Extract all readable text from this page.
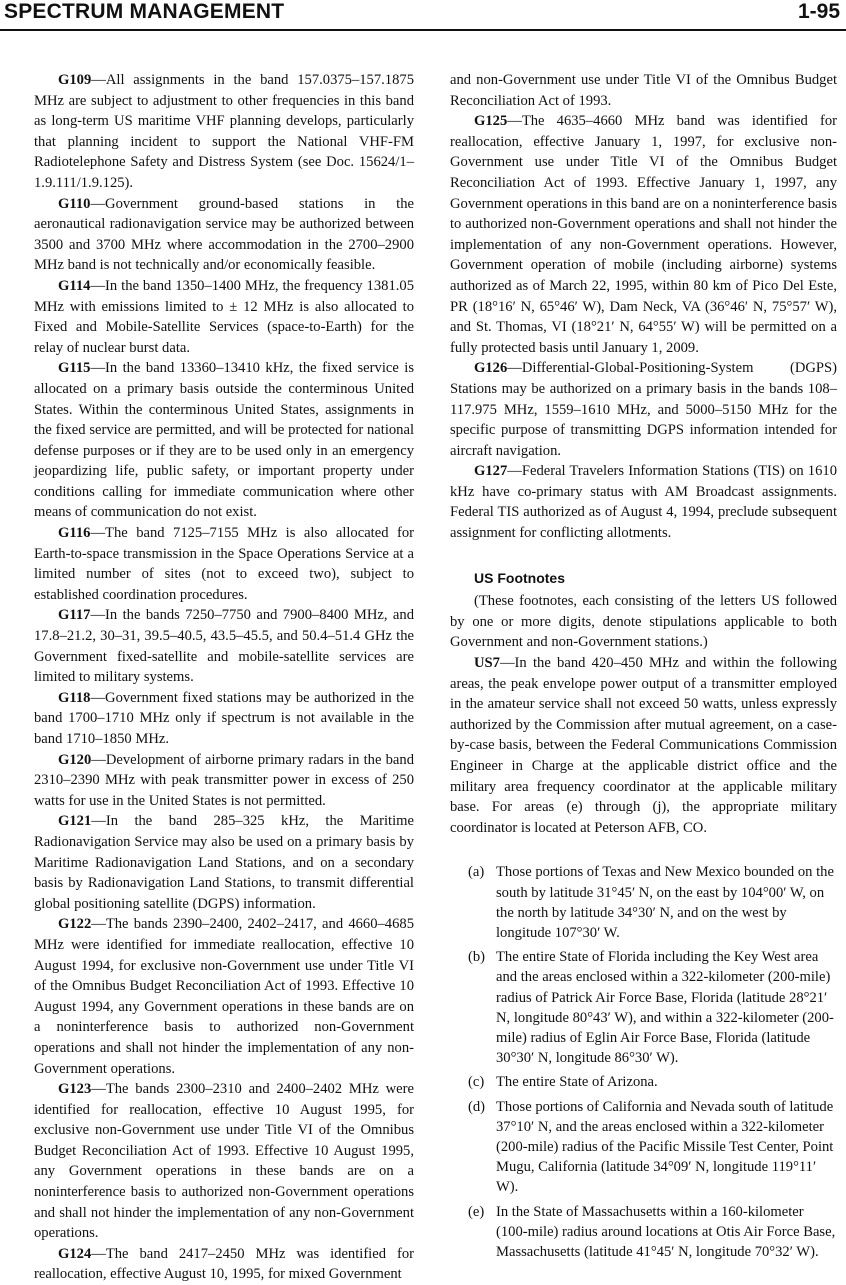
SPECTRUM MANAGEMENT	1-95

G109—All assignments in the band 157.0375–157.1875 MHz are subject to adjustment to other frequencies in this band as long-term US maritime VHF planning develops, particularly that planning incident to support the National VHF-FM Radiotelephone Safety and Distress System (see Doc. 15624/1–1.9.111/1.9.125).

G110—Government ground-based stations in the aeronautical radionavigation service may be authorized between 3500 and 3700 MHz where accommodation in the 2700–2900 MHz band is not technically and/or economically feasible.

G114—In the band 1350–1400 MHz, the frequency 1381.05 MHz with emissions limited to ± 12 MHz is also allocated to Fixed and Mobile-Satellite Services (space-to-Earth) for the relay of nuclear burst data.

G115—In the band 13360–13410 kHz, the fixed service is allocated on a primary basis outside the conterminous United States. Within the conterminous United States, assignments in the fixed service are permitted, and will be protected for national defense purposes or if they are to be used only in an emergency jeopardizing life, public safety, or important property under conditions calling for immediate communication where other means of communication do not exist.

G116—The band 7125–7155 MHz is also allocated for Earth-to-space transmission in the Space Operations Service at a limited number of sites (not to exceed two), subject to established coordination procedures.

G117—In the bands 7250–7750 and 7900–8400 MHz, and 17.8–21.2, 30–31, 39.5–40.5, 43.5–45.5, and 50.4–51.4 GHz the Government fixed-satellite and mobile-satellite services are limited to military systems.

G118—Government fixed stations may be authorized in the band 1700–1710 MHz only if spectrum is not available in the band 1710–1850 MHz.

G120—Development of airborne primary radars in the band 2310–2390 MHz with peak transmitter power in excess of 250 watts for use in the United States is not permitted.

G121—In the band 285–325 kHz, the Maritime Radionavigation Service may also be used on a primary basis by Maritime Radionavigation Land Stations, and on a secondary basis by Radionavigation Land Stations, to transmit differential global positioning satellite (DGPS) information.

G122—The bands 2390–2400, 2402–2417, and 4660–4685 MHz were identified for immediate reallocation, effective 10 August 1994, for exclusive non-Government use under Title VI of the Omnibus Budget Reconciliation Act of 1993. Effective 10 August 1994, any Government operations in these bands are on a noninterference basis to authorized non-Government operations and shall not hinder the implementation of any non-Government operations.

G123—The bands 2300–2310 and 2400–2402 MHz were identified for reallocation, effective 10 August 1995, for exclusive non-Government use under Title VI of the Omnibus Budget Reconciliation Act of 1993. Effective 10 August 1995, any Government operations in these bands are on a noninterference basis to authorized non-Government operations and shall not hinder the implementation of any non-Government operations.

G124—The band 2417–2450 MHz was identified for reallocation, effective August 10, 1995, for mixed Government

and non-Government use under Title VI of the Omnibus Budget Reconciliation Act of 1993.

G125—The 4635–4660 MHz band was identified for reallocation, effective January 1, 1997, for exclusive non-Government use under Title VI of the Omnibus Budget Reconciliation Act of 1993. Effective January 1, 1997, any Government operations in this band are on a noninterference basis to authorized non-Government operations and shall not hinder the implementation of any non-Government operations. However, Government operation of mobile (including airborne) systems authorized as of March 22, 1995, within 80 km of Pico Del Este, PR (18°16′ N, 65°46′ W), Dam Neck, VA (36°46′ N, 75°57′ W), and St. Thomas, VI (18°21′ N, 64°55′ W) will be permitted on a fully protected basis until January 1, 2009.

G126—Differential-Global-Positioning-System (DGPS) Stations may be authorized on a primary basis in the bands 108–117.975 MHz, 1559–1610 MHz, and 5000–5150 MHz for the specific purpose of transmitting DGPS information intended for aircraft navigation.

G127—Federal Travelers Information Stations (TIS) on 1610 kHz have co-primary status with AM Broadcast assignments. Federal TIS authorized as of August 4, 1994, preclude subsequent assignment for conflicting allotments.

US Footnotes

(These footnotes, each consisting of the letters US followed by one or more digits, denote stipulations applicable to both Government and non-Government stations.)

US7—In the band 420–450 MHz and within the following areas, the peak envelope power output of a transmitter employed in the amateur service shall not exceed 50 watts, unless expressly authorized by the Commission after mutual agreement, on a case-by-case basis, between the Federal Communications Commission Engineer in Charge at the applicable district office and the military area frequency coordinator at the applicable military base. For areas (e) through (j), the appropriate military coordinator is located at Peterson AFB, CO.

(a) Those portions of Texas and New Mexico bounded on the south by latitude 31°45′ N, on the east by 104°00′ W, on the north by latitude 34°30′ N, and on the west by longitude 107°30′ W.
(b) The entire State of Florida including the Key West area and the areas enclosed within a 322-kilometer (200-mile) radius of Patrick Air Force Base, Florida (latitude 28°21′ N, longitude 80°43′ W), and within a 322-kilometer (200-mile) radius of Eglin Air Force Base, Florida (latitude 30°30′ N, longitude 86°30′ W).
(c) The entire State of Arizona.
(d) Those portions of California and Nevada south of latitude 37°10′ N, and the areas enclosed within a 322-kilometer (200-mile) radius of the Pacific Missile Test Center, Point Mugu, California (latitude 34°09′ N, longitude 119°11′ W).
(e) In the State of Massachusetts within a 160-kilometer (100-mile) radius around locations at Otis Air Force Base, Massachusetts (latitude 41°45′ N, longitude 70°32′ W).
